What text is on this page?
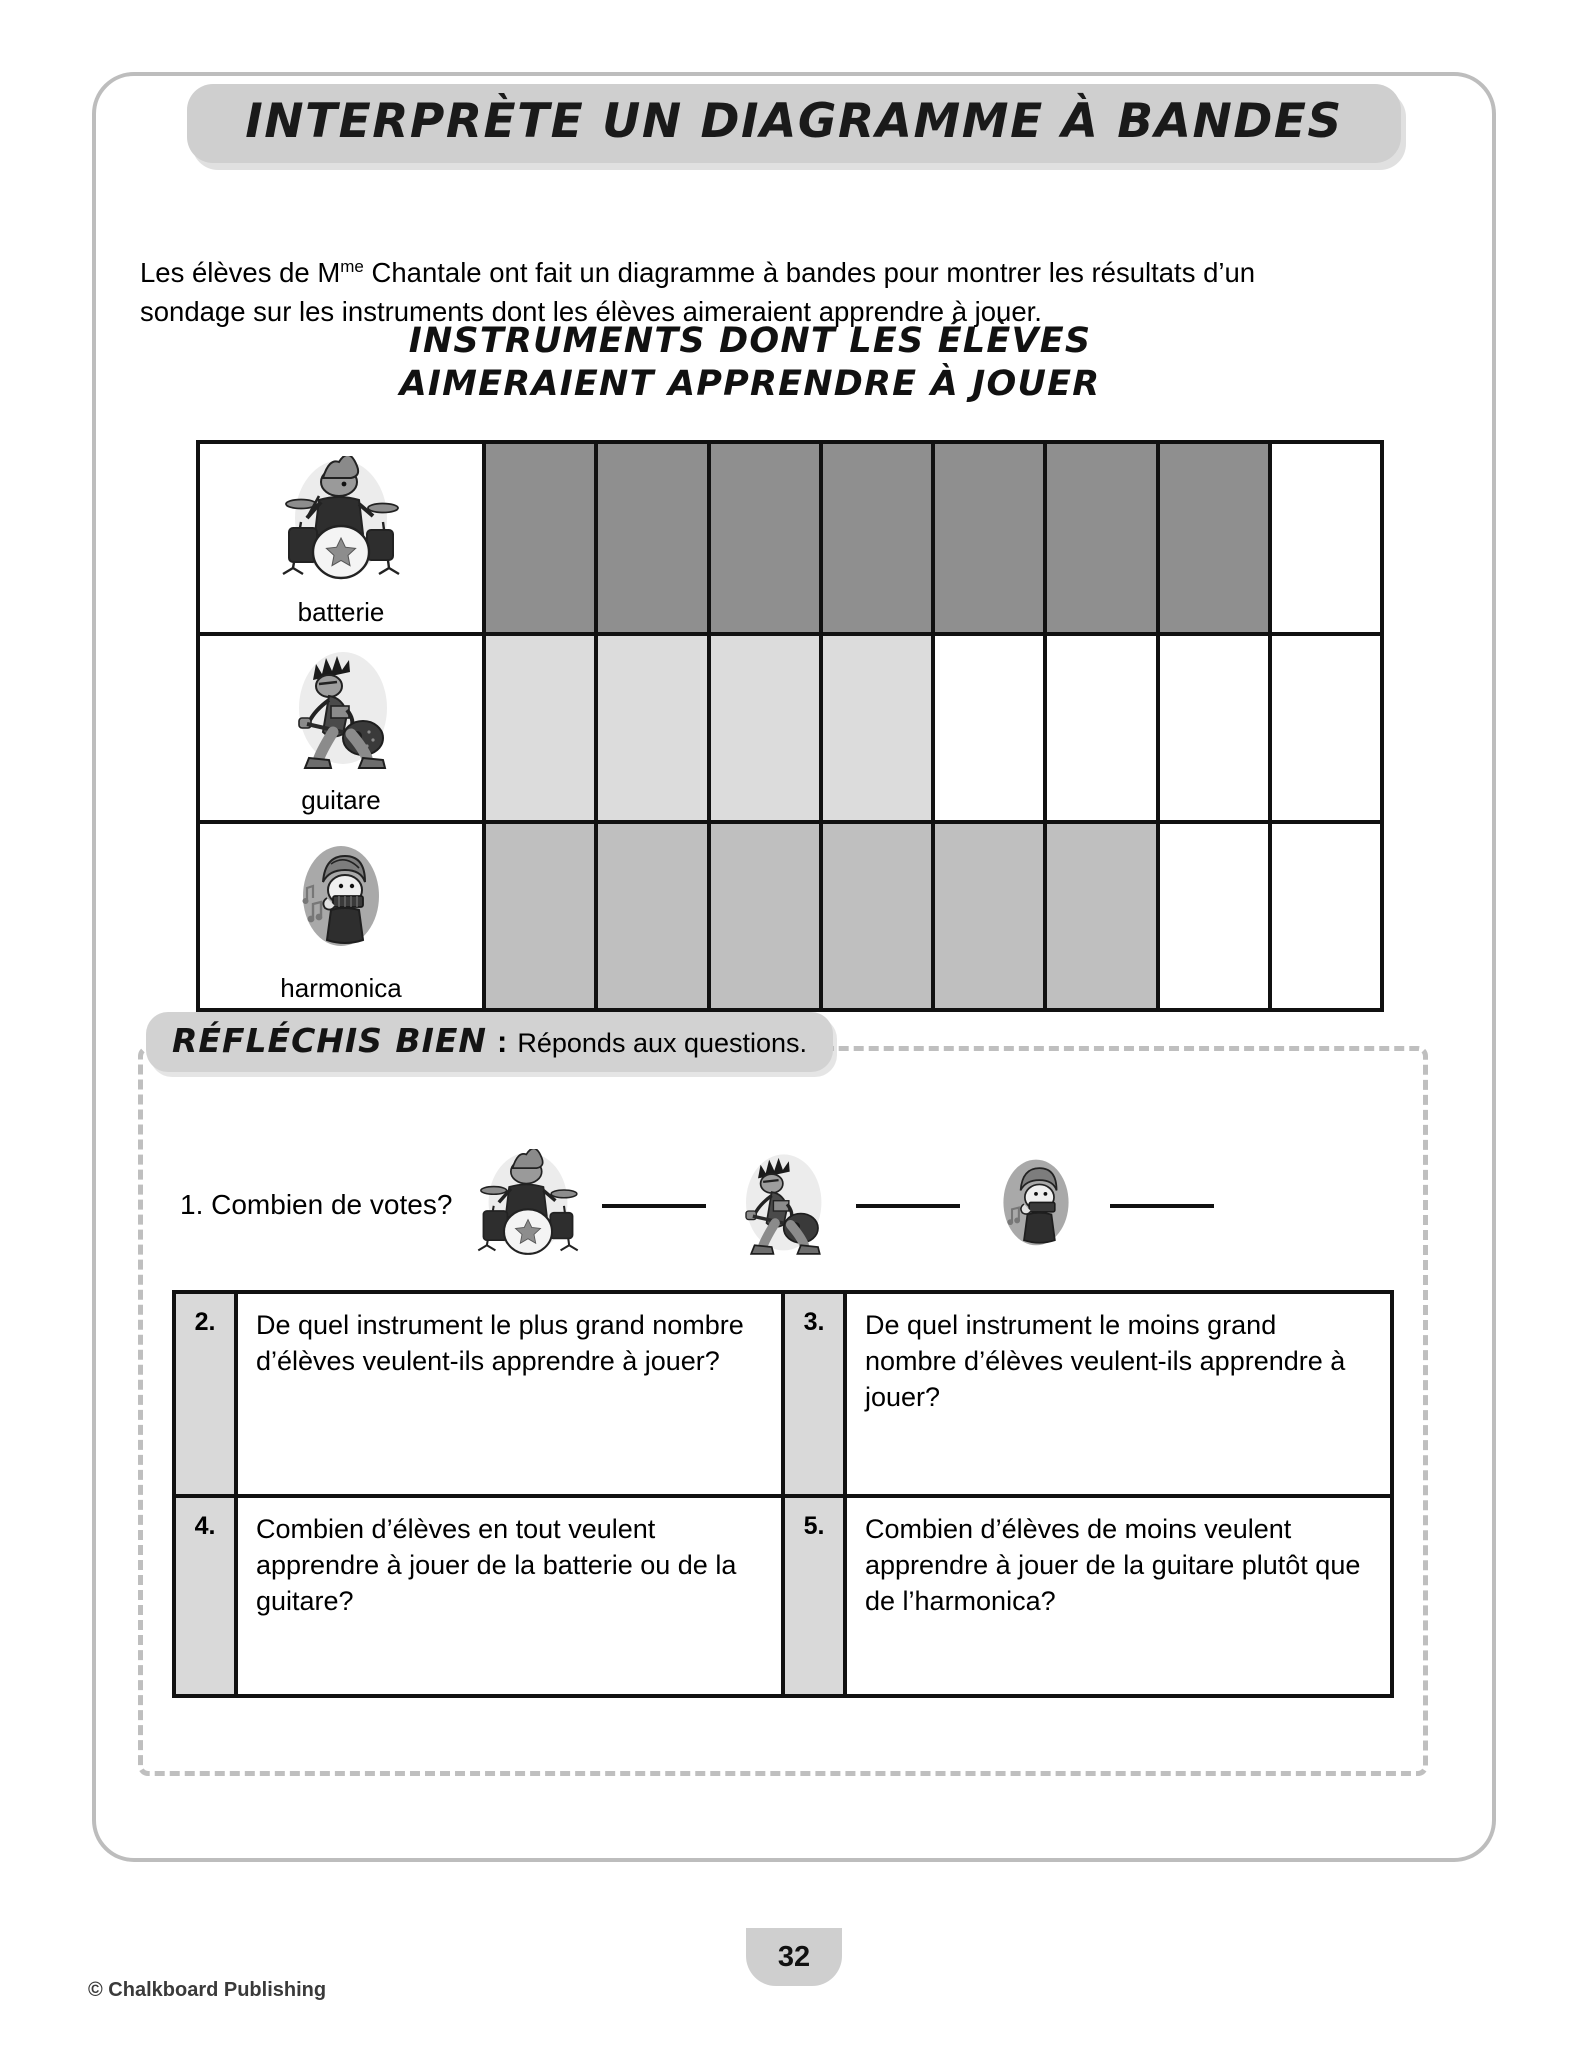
INTERPRÈTE UN DIAGRAMME À BANDES

Les élèves de $M^{me}$ Chantale ont fait un diagramme à bandes pour montrer les résultats d’un sondage sur les instruments dont les élèves aimeraient apprendre à jouer.

INSTRUMENTS DONT LES ÉLÈVES
AIMERAIENT APPRENDRE À JOUER
batterie
guitare
harmonica
RÉFLÉCHIS BIEN : Réponds aux questions.
1. Combien de votes?
2.	De quel instrument le plus grand nombre d’élèves veulent-ils apprendre à jouer?
3.	De quel instrument le moins grand nombre d’élèves veulent-ils apprendre à jouer?
4.	Combien d’élèves en tout veulent apprendre à jouer de la batterie ou de la guitare?
5.	Combien d’élèves de moins veulent apprendre à jouer de la guitare plutôt que de l’harmonica?
32
© Chalkboard Publishing
